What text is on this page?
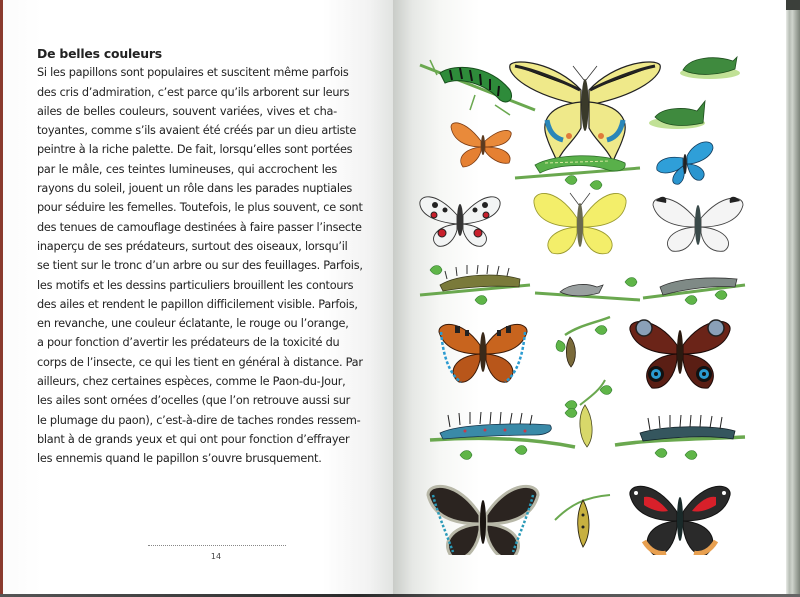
De belles couleurs
Si les papillons sont populaires et suscitent même parfois
des cris d’admiration, c’est parce qu’ils arborent sur leurs
ailes de belles couleurs, souvent variées, vives et cha-
toyantes, comme s’ils avaient été créés par un dieu artiste
peintre à la riche palette. De fait, lorsqu’elles sont portées
par le mâle, ces teintes lumineuses, qui accrochent les
rayons du soleil, jouent un rôle dans les parades nuptiales
pour séduire les femelles. Toutefois, le plus souvent, ce sont
des tenues de camouflage destinées à faire passer l’insecte
inaperçu de ses prédateurs, surtout des oiseaux, lorsqu’il
se tient sur le tronc d’un arbre ou sur des feuillages. Parfois,
les motifs et les dessins particuliers brouillent les contours
des ailes et rendent le papillon difficilement visible. Parfois,
en revanche, une couleur éclatante, le rouge ou l’orange,
a pour fonction d’avertir les prédateurs de la toxicité du
corps de l’insecte, ce qui les tient en général à distance. Par
ailleurs, chez certaines espèces, comme le Paon-du-Jour,
les ailes sont ornées d’ocelles (que l’on retrouve aussi sur
le plumage du paon), c’est-à-dire de taches rondes ressem-
blant à de grands yeux et qui ont pour fonction d’effrayer
les ennemis quand le papillon s’ouvre brusquement.
14
